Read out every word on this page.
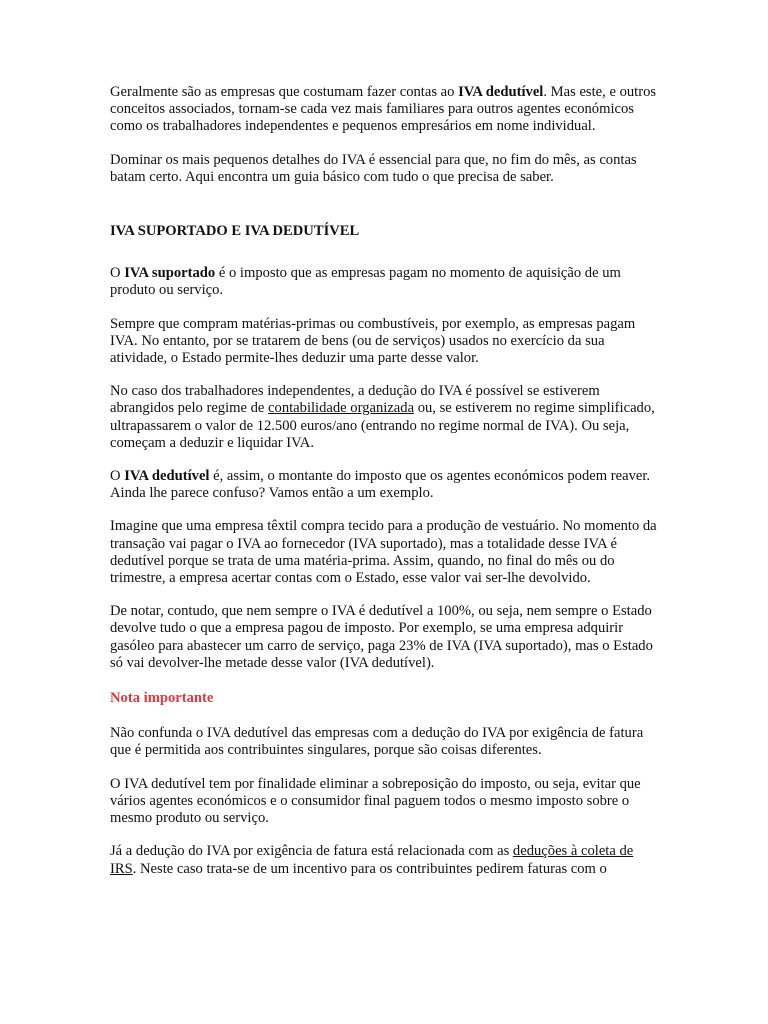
Geralmente são as empresas que costumam fazer contas ao IVA dedutível. Mas este, e outros conceitos associados, tornam-se cada vez mais familiares para outros agentes económicos como os trabalhadores independentes e pequenos empresários em nome individual.

Dominar os mais pequenos detalhes do IVA é essencial para que, no fim do mês, as contas batam certo. Aqui encontra um guia básico com tudo o que precisa de saber.

IVA SUPORTADO E IVA DEDUTÍVEL

O IVA suportado é o imposto que as empresas pagam no momento de aquisição de um produto ou serviço.

Sempre que compram matérias-primas ou combustíveis, por exemplo, as empresas pagam IVA. No entanto, por se tratarem de bens (ou de serviços) usados no exercício da sua atividade, o Estado permite-lhes deduzir uma parte desse valor.

No caso dos trabalhadores independentes, a dedução do IVA é possível se estiverem abrangidos pelo regime de contabilidade organizada ou, se estiverem no regime simplificado, ultrapassarem o valor de 12.500 euros/ano (entrando no regime normal de IVA). Ou seja, começam a deduzir e liquidar IVA.

O IVA dedutível é, assim, o montante do imposto que os agentes económicos podem reaver. Ainda lhe parece confuso? Vamos então a um exemplo.

Imagine que uma empresa têxtil compra tecido para a produção de vestuário. No momento da transação vai pagar o IVA ao fornecedor (IVA suportado), mas a totalidade desse IVA é dedutível porque se trata de uma matéria-prima. Assim, quando, no final do mês ou do trimestre, a empresa acertar contas com o Estado, esse valor vai ser-lhe devolvido.

De notar, contudo, que nem sempre o IVA é dedutível a 100%, ou seja, nem sempre o Estado devolve tudo o que a empresa pagou de imposto. Por exemplo, se uma empresa adquirir gasóleo para abastecer um carro de serviço, paga 23% de IVA (IVA suportado), mas o Estado só vai devolver-lhe metade desse valor (IVA dedutível).

Nota importante

Não confunda o IVA dedutível das empresas com a dedução do IVA por exigência de fatura que é permitida aos contribuintes singulares, porque são coisas diferentes.

O IVA dedutível tem por finalidade eliminar a sobreposição do imposto, ou seja, evitar que vários agentes económicos e o consumidor final paguem todos o mesmo imposto sobre o mesmo produto ou serviço.

Já a dedução do IVA por exigência de fatura está relacionada com as deduções à coleta de IRS. Neste caso trata-se de um incentivo para os contribuintes pedirem faturas com o
